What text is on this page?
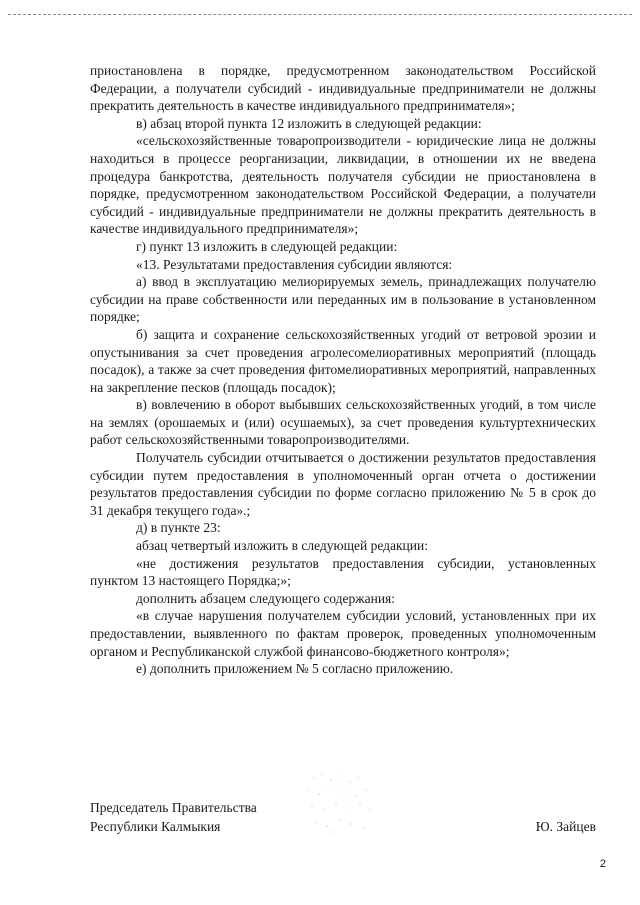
приостановлена в порядке, предусмотренном законодательством Российской Федерации, а получатели субсидий - индивидуальные предприниматели не должны прекратить деятельность в качестве индивидуального предпринимателя»;

в) абзац второй пункта 12 изложить в следующей редакции:

«сельскохозяйственные товаропроизводители - юридические лица не должны находиться в процессе реорганизации, ликвидации, в отношении их не введена процедура банкротства, деятельность получателя субсидии не приостановлена в порядке, предусмотренном законодательством Российской Федерации, а получатели субсидий - индивидуальные предприниматели не должны прекратить деятельность в качестве индивидуального предпринимателя»;

г) пункт 13 изложить в следующей редакции:

«13. Результатами предоставления субсидии являются:

а) ввод в эксплуатацию мелиорируемых земель, принадлежащих получателю субсидии на праве собственности или переданных им в пользование в установленном порядке;

б) защита и сохранение сельскохозяйственных угодий от ветровой эрозии и опустынивания за счет проведения агролесомелиоративных мероприятий (площадь посадок), а также за счет проведения фитомелиоративных мероприятий, направленных на закрепление песков (площадь посадок);

в) вовлечению в оборот выбывших сельскохозяйственных угодий, в том числе на землях (орошаемых и (или) осушаемых), за счет проведения культуртехнических работ сельскохозяйственными товаропроизводителями.

Получатель субсидии отчитывается о достижении результатов предоставления субсидии путем предоставления в уполномоченный орган отчета о достижении результатов предоставления субсидии по форме согласно приложению № 5 в срок до 31 декабря текущего года».;

д) в пункте 23:

абзац четвертый изложить в следующей редакции:

«не достижения результатов предоставления субсидии, установленных пунктом 13 настоящего Порядка;»;

дополнить абзацем следующего содержания:

«в случае нарушения получателем субсидии условий, установленных при их предоставлении, выявленного по фактам проверок, проведенных уполномоченным органом и Республиканской службой финансово-бюджетного контроля»;

е) дополнить приложением № 5 согласно приложению.

Председатель Правительства
Республики Калмыкия	Ю. Зайцев
2
